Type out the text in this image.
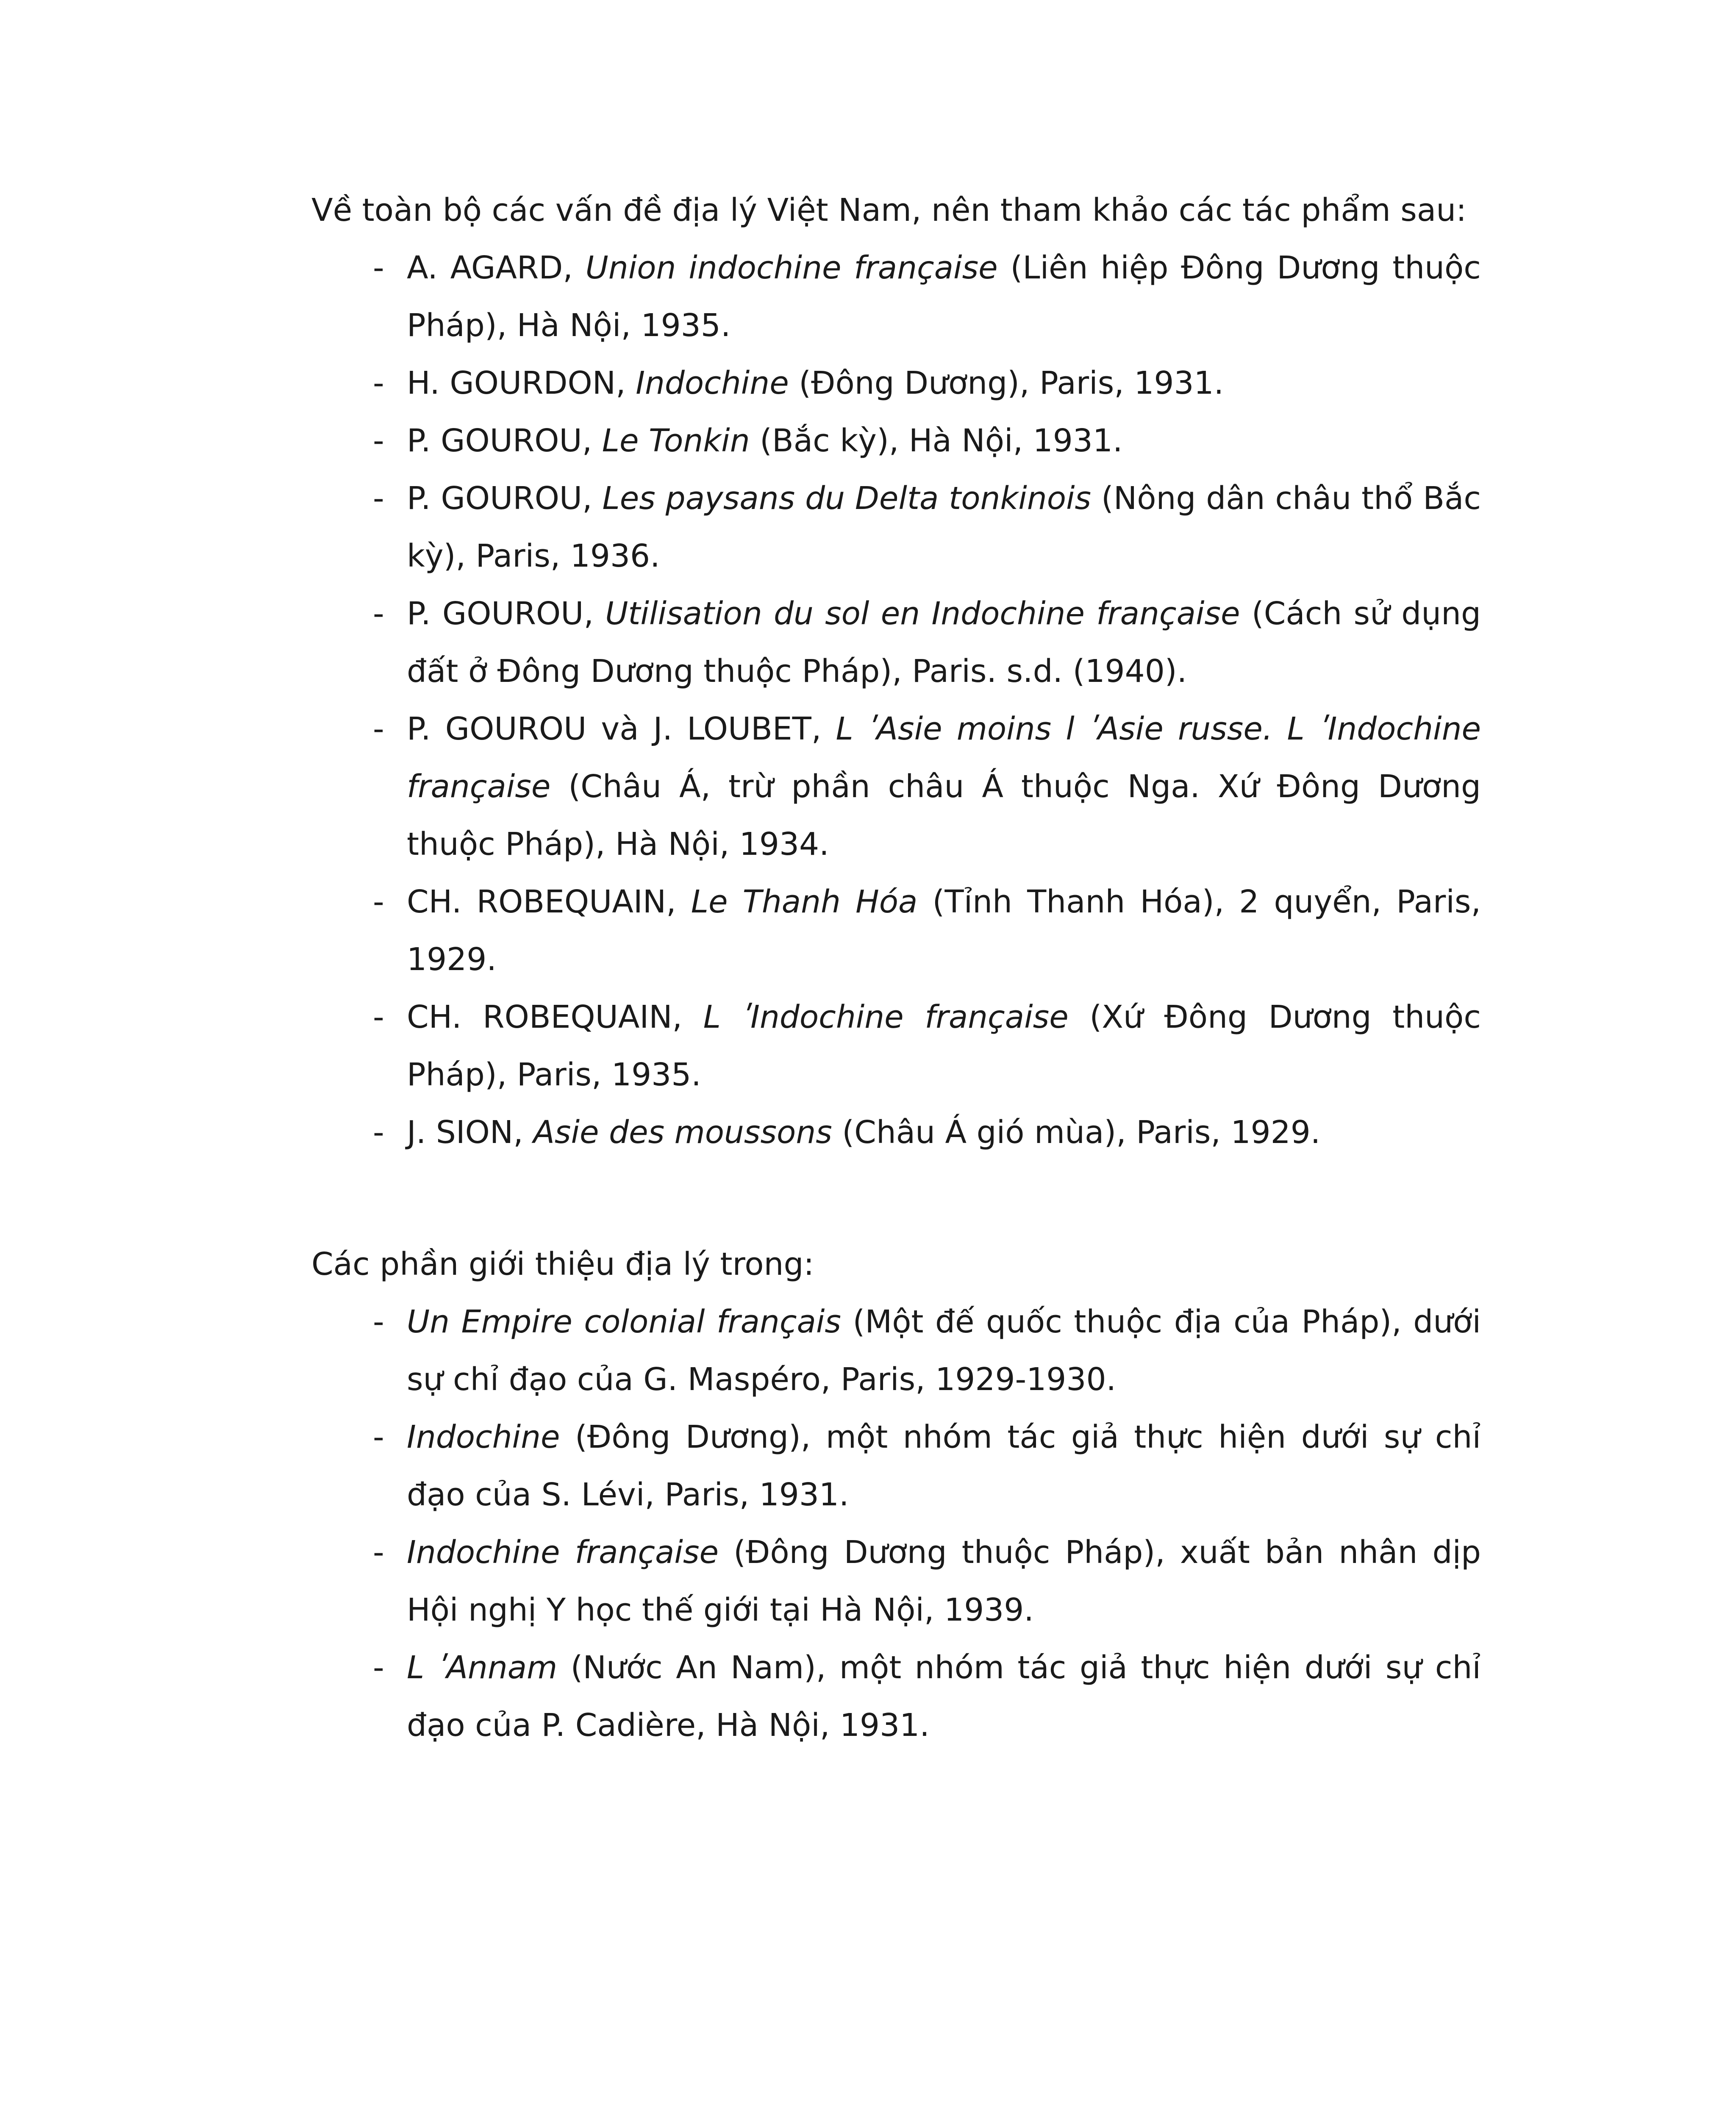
Về toàn bộ các vấn đề địa lý Việt Nam, nên tham khảo các tác phẩm sau:
- A. AGARD, Union indochine française (Liên hiệp Đông Dương thuộc Pháp), Hà Nội, 1935.
- H. GOURDON, Indochine (Đông Dương), Paris, 1931.
- P. GOUROU, Le Tonkin (Bắc kỳ), Hà Nội, 1931.
- P. GOUROU, Les paysans du Delta tonkinois (Nông dân châu thổ Bắc kỳ), Paris, 1936.
- P. GOUROU, Utilisation du sol en Indochine française (Cách sử dụng đất ở Đông Dương thuộc Pháp), Paris. s.d. (1940).
- P. GOUROU và J. LOUBET, L ʹAsie moins l ʹAsie russe. L ʹIndochine française (Châu Á, trừ phần châu Á thuộc Nga. Xứ Đông Dương thuộc Pháp), Hà Nội, 1934.
- CH. ROBEQUAIN, Le Thanh Hóa (Tỉnh Thanh Hóa), 2 quyển, Paris, 1929.
- CH. ROBEQUAIN, L ʹIndochine française (Xứ Đông Dương thuộc Pháp), Paris, 1935.
- J. SION, Asie des moussons (Châu Á gió mùa), Paris, 1929.
Các phần giới thiệu địa lý trong:
- Un Empire colonial français (Một đế quốc thuộc địa của Pháp), dưới sự chỉ đạo của G. Maspéro, Paris, 1929-1930.
- Indochine (Đông Dương), một nhóm tác giả thực hiện dưới sự chỉ đạo của S. Lévi, Paris, 1931.
- Indochine française (Đông Dương thuộc Pháp), xuất bản nhân dịp Hội nghị Y học thế giới tại Hà Nội, 1939.
- L ʹAnnam (Nước An Nam), một nhóm tác giả thực hiện dưới sự chỉ đạo của P. Cadière, Hà Nội, 1931.
